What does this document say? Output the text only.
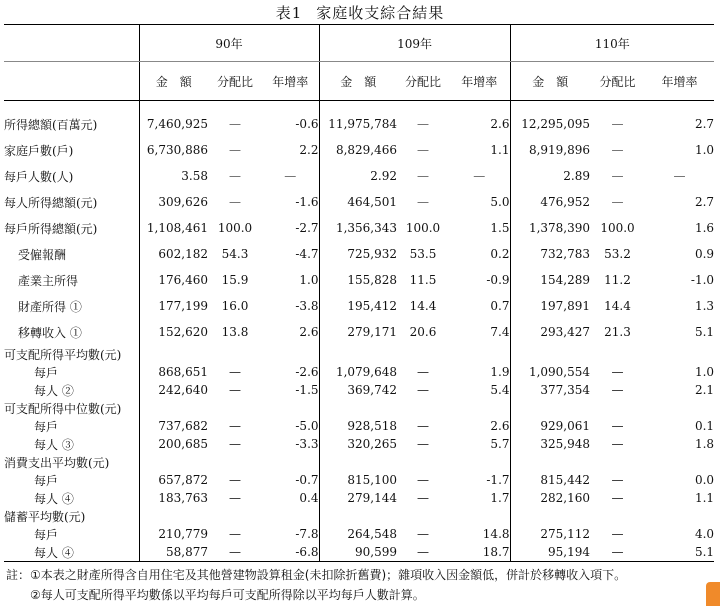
表1 家庭收支綜合結果
	90年			109年			110年		
	金　額	分配比	年增率	金　額	分配比	年增率	金　額	分配比	年增率

所得總額(百萬元)	7,460,925	—	-0.6	11,975,784	—	2.6	12,295,095	—	2.7
家庭戶數(戶)	6,730,886	—	2.2	8,829,466	—	1.1	8,919,896	—	1.0
每戶人數(人)	3.58	—	—	2.92	—	—	2.89	—	—
每人所得總額(元)	309,626	—	-1.6	464,501	—	5.0	476,952	—	2.7
每戶所得總額(元)	1,108,461	100.0	-2.7	1,356,343	100.0	1.5	1,378,390	100.0	1.6
受僱報酬	602,182	54.3	-4.7	725,932	53.5	0.2	732,783	53.2	0.9
產業主所得	176,460	15.9	1.0	155,828	11.5	-0.9	154,289	11.2	-1.0
財產所得 ①	177,199	16.0	-3.8	195,412	14.4	0.7	197,891	14.4	1.3
移轉收入 ①	152,620	13.8	2.6	279,171	20.6	7.4	293,427	21.3	5.1
可支配所得平均數(元)									
每戶	868,651	—	-2.6	1,079,648	—	1.9	1,090,554	—	1.0
每人 ②	242,640	—	-1.5	369,742	—	5.4	377,354	—	2.1
可支配所得中位數(元)									
每戶	737,682	—	-5.0	928,518	—	2.6	929,061	—	0.1
每人 ③	200,685	—	-3.3	320,265	—	5.7	325,948	—	1.8
消費支出平均數(元)									
每戶	657,872	—	-0.7	815,100	—	-1.7	815,442	—	0.0
每人 ④	183,763	—	0.4	279,144	—	1.7	282,160	—	1.1
儲蓄平均數(元)									
每戶	210,779	—	-7.8	264,548	—	14.8	275,112	—	4.0
每人 ④	58,877	—	-6.8	90,599	—	18.7	95,194	—	5.1
註：①本表之財產所得含自用住宅及其他營建物設算租金(未扣除折舊費)；雜項收入因金額低，併計於移轉收入項下。
②每人可支配所得平均數係以平均每戶可支配所得除以平均每戶人數計算。
